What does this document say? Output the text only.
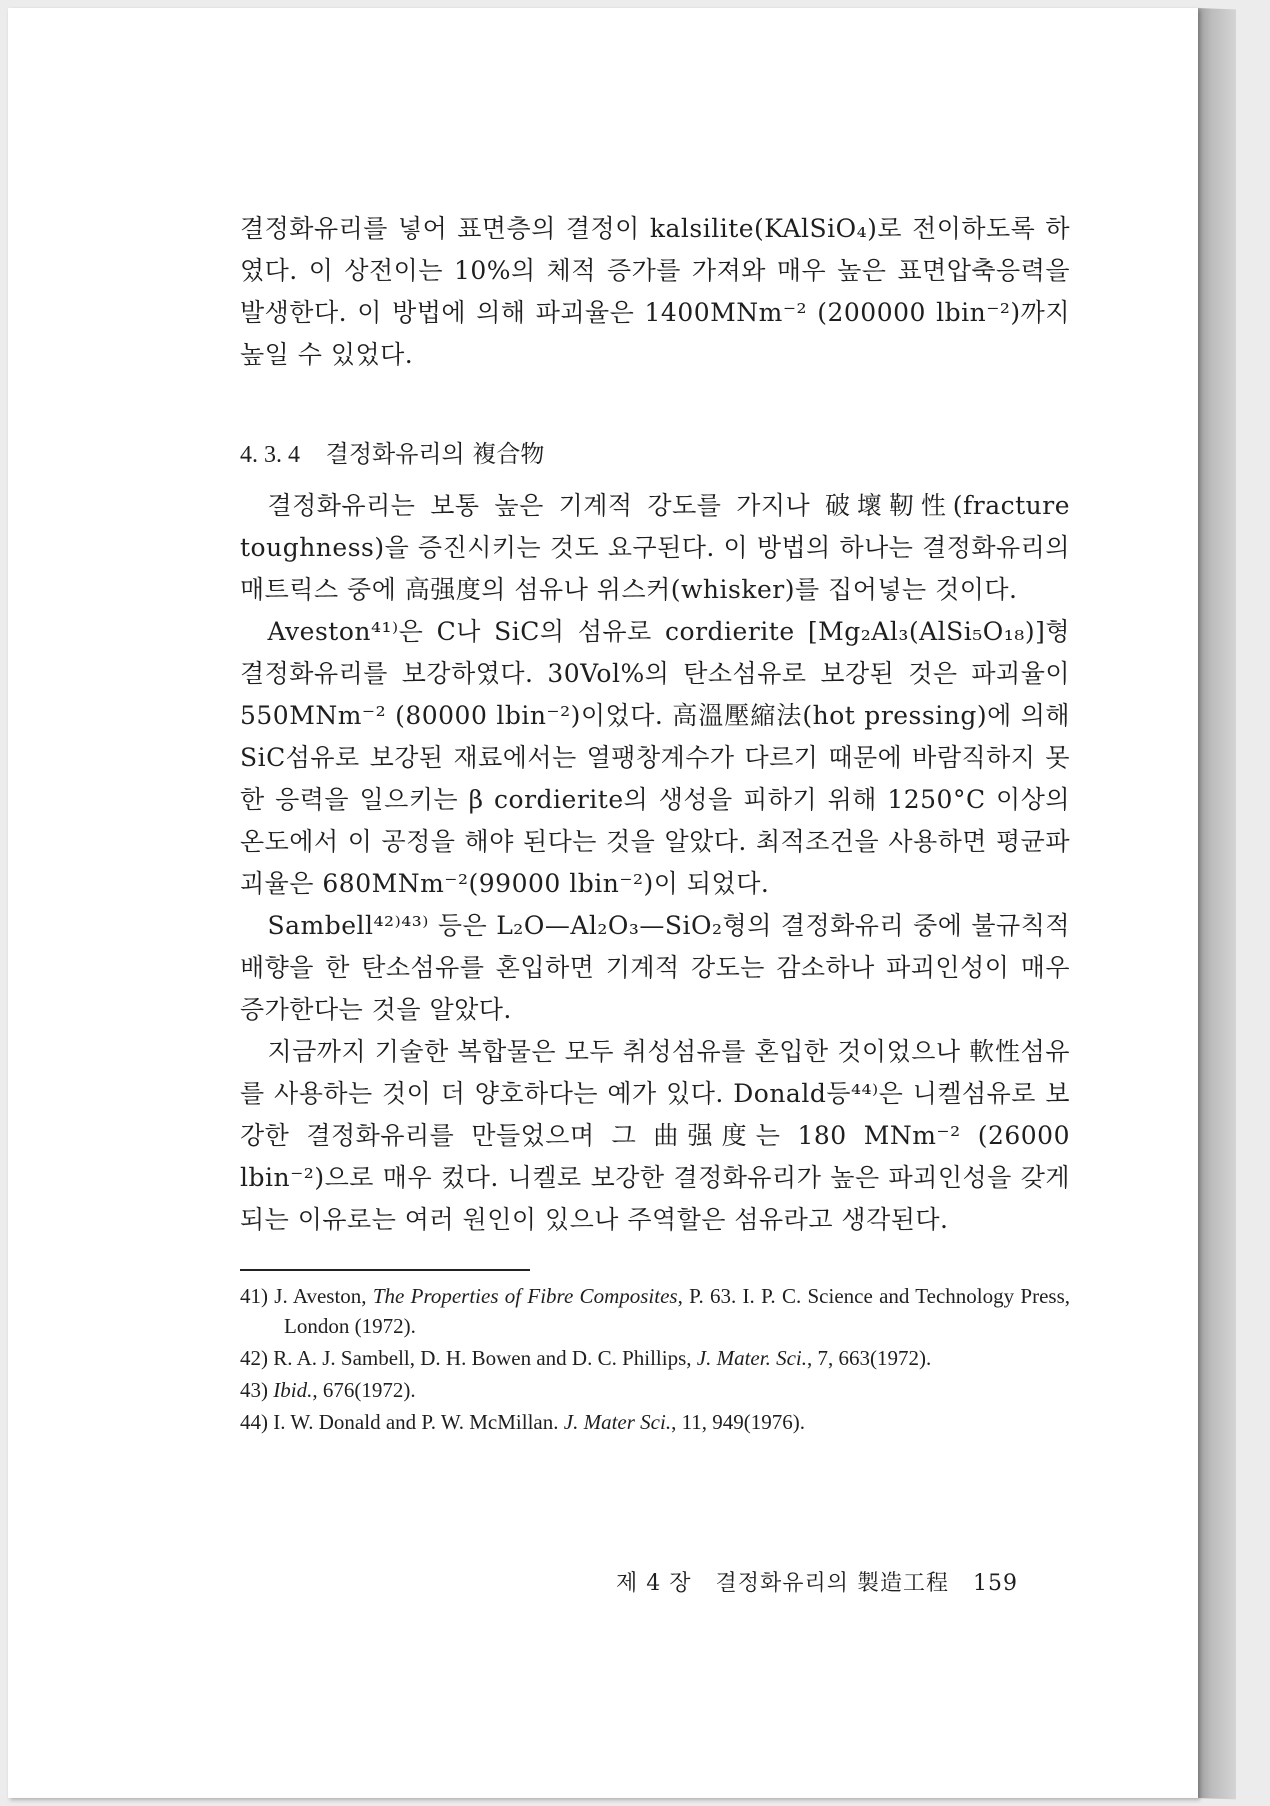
결정화유리를 넣어 표면층의 결정이 kalsilite(KAlSiO₄)로 전이하도록 하였다. 이 상전이는 10%의 체적 증가를 가져와 매우 높은 표면압축응력을 발생한다. 이 방법에 의해 파괴율은 1400MNm⁻² (200000 lbin⁻²)까지 높일 수 있었다.

4. 3. 4 결정화유리의 複合物

결정화유리는 보통 높은 기계적 강도를 가지나 破壞靭性(fracture toughness)을 증진시키는 것도 요구된다. 이 방법의 하나는 결정화유리의 매트릭스 중에 高强度의 섬유나 위스커(whisker)를 집어넣는 것이다.

Aveston⁴¹⁾은 C나 SiC의 섬유로 cordierite [Mg₂Al₃(AlSi₅O₁₈)]형 결정화유리를 보강하였다. 30Vol%의 탄소섬유로 보강된 것은 파괴율이 550MNm⁻² (80000 lbin⁻²)이었다. 高溫壓縮法(hot pressing)에 의해 SiC섬유로 보강된 재료에서는 열팽창계수가 다르기 때문에 바람직하지 못한 응력을 일으키는 β cordierite의 생성을 피하기 위해 1250°C 이상의 온도에서 이 공정을 해야 된다는 것을 알았다. 최적조건을 사용하면 평균파괴율은 680MNm⁻²(99000 lbin⁻²)이 되었다.

Sambell⁴²⁾⁴³⁾ 등은 L₂O—Al₂O₃—SiO₂형의 결정화유리 중에 불규칙적 배향을 한 탄소섬유를 혼입하면 기계적 강도는 감소하나 파괴인성이 매우 증가한다는 것을 알았다.

지금까지 기술한 복합물은 모두 취성섬유를 혼입한 것이었으나 軟性섬유를 사용하는 것이 더 양호하다는 예가 있다. Donald등⁴⁴⁾은 니켈섬유로 보강한 결정화유리를 만들었으며 그 曲强度는 180 MNm⁻² (26000 lbin⁻²)으로 매우 컸다. 니켈로 보강한 결정화유리가 높은 파괴인성을 갖게 되는 이유로는 여러 원인이 있으나 주역할은 섬유라고 생각된다.

41) J. Aveston, The Properties of Fibre Composites, P. 63. I. P. C. Science and Technology Press, London (1972).

42) R. A. J. Sambell, D. H. Bowen and D. C. Phillips, J. Mater. Sci., 7, 663(1972).

43) Ibid., 676(1972).

44) I. W. Donald and P. W. McMillan. J. Mater Sci., 11, 949(1976).

제 4 장 결정화유리의 製造工程 159
